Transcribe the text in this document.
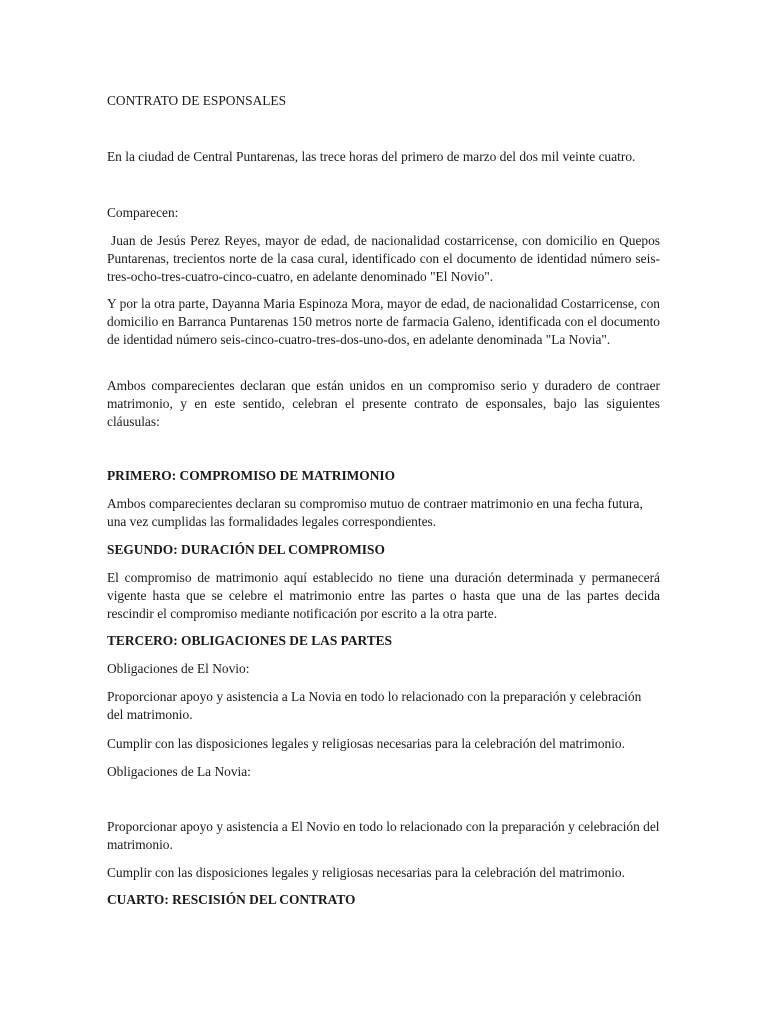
CONTRATO DE ESPONSALES

En la ciudad de Central Puntarenas, las trece horas del primero de marzo del dos mil veinte cuatro.

Comparecen:

Juan de Jesús Perez Reyes, mayor de edad, de nacionalidad costarricense, con domicilio en Quepos Puntarenas, trecientos norte de la casa cural, identificado con el documento de identidad número seis-tres-ocho-tres-cuatro-cinco-cuatro, en adelante denominado "El Novio".

Y por la otra parte, Dayanna Maria Espinoza Mora, mayor de edad, de nacionalidad Costarricense, con domicilio en Barranca Puntarenas 150 metros norte de farmacia Galeno, identificada con el documento de identidad número seis-cinco-cuatro-tres-dos-uno-dos, en adelante denominada "La Novia".

Ambos comparecientes declaran que están unidos en un compromiso serio y duradero de contraer matrimonio, y en este sentido, celebran el presente contrato de esponsales, bajo las siguientes cláusulas:

PRIMERO: COMPROMISO DE MATRIMONIO

Ambos comparecientes declaran su compromiso mutuo de contraer matrimonio en una fecha futura, una vez cumplidas las formalidades legales correspondientes.

SEGUNDO: DURACIÓN DEL COMPROMISO

El compromiso de matrimonio aquí establecido no tiene una duración determinada y permanecerá vigente hasta que se celebre el matrimonio entre las partes o hasta que una de las partes decida rescindir el compromiso mediante notificación por escrito a la otra parte.

TERCERO: OBLIGACIONES DE LAS PARTES

Obligaciones de El Novio:

Proporcionar apoyo y asistencia a La Novia en todo lo relacionado con la preparación y celebración del matrimonio.

Cumplir con las disposiciones legales y religiosas necesarias para la celebración del matrimonio.

Obligaciones de La Novia:

Proporcionar apoyo y asistencia a El Novio en todo lo relacionado con la preparación y celebración del matrimonio.

Cumplir con las disposiciones legales y religiosas necesarias para la celebración del matrimonio.

CUARTO: RESCISIÓN DEL CONTRATO
